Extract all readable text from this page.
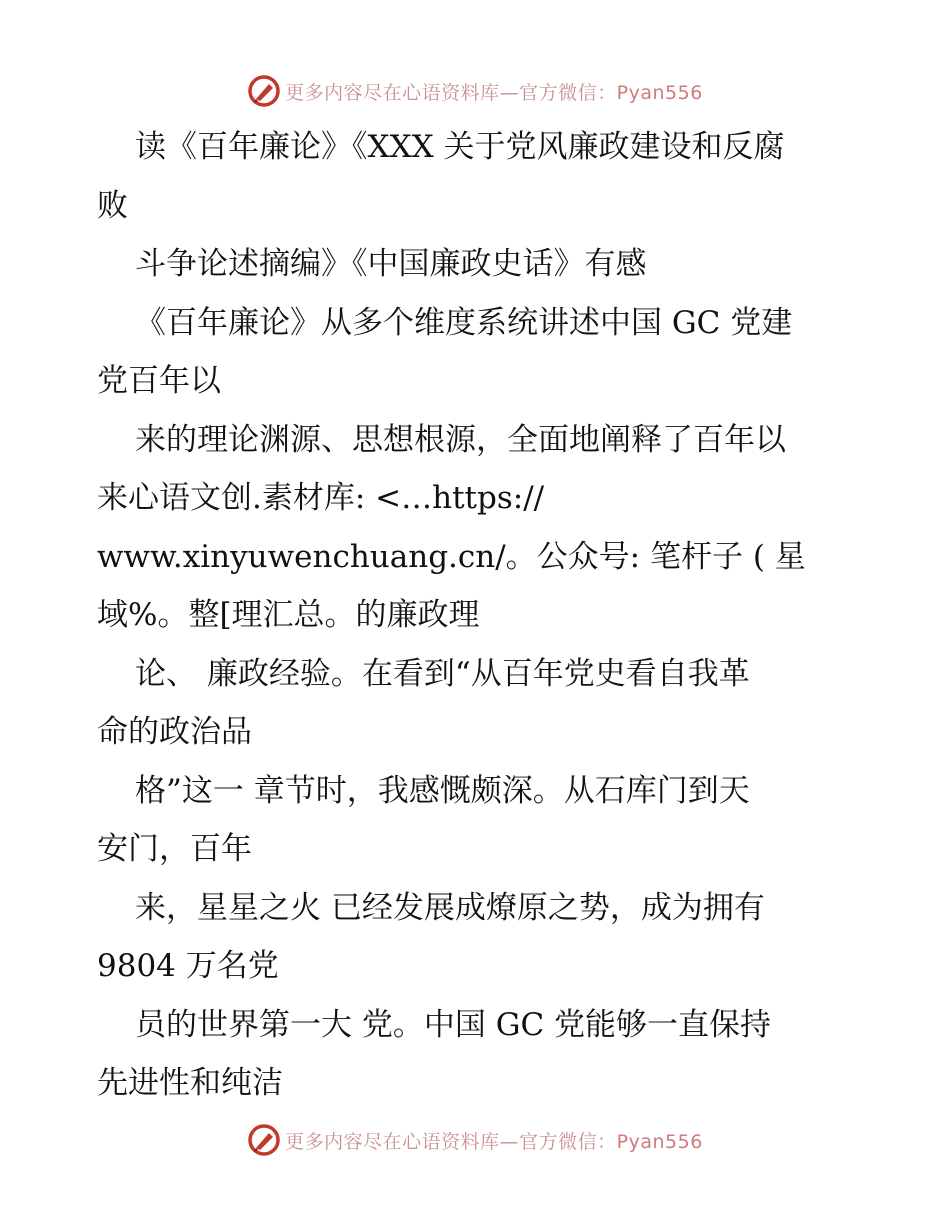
更多内容尽在心语资料库—官方微信：Pyan556
读《百年廉论》《XXX 关于党风廉政建设和反腐
败
斗争论述摘编》《中国廉政史话》有感
《百年廉论》从多个维度系统讲述中国 GC 党建
党百年以
来的理论渊源、思想根源，全面地阐释了百年以
来心语文创.素材库: <…https://
www.xinyuwenchuang.cn/。公众号: 笔杆子 ( 星
域%。整[理汇总。的廉政理
论、 廉政经验。在看到“从百年党史看自我革
命的政治品
格”这一 章节时，我感慨颇深。从石库门到天
安门，百年
来，星星之火 已经发展成燎原之势，成为拥有
9804 万名党
员的世界第一大 党。中国 GC 党能够一直保持
先进性和纯洁
更多内容尽在心语资料库—官方微信：Pyan556
